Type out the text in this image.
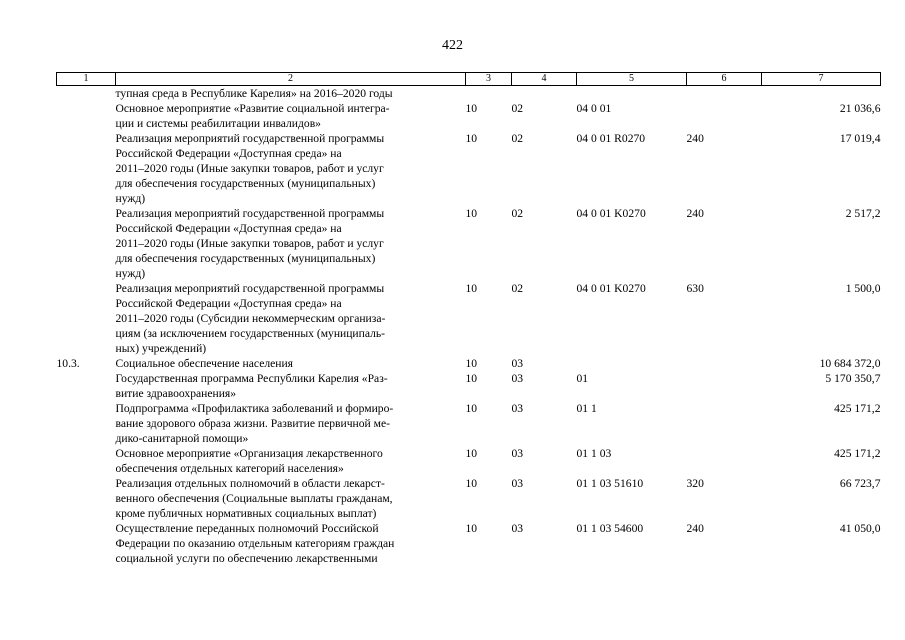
422
1	2	3	4	5	6	7

	тупная среда в Республике Карелия» на 2016–2020 годы					

	Основное мероприятие «Развитие социальной интегра-
ции и системы реабилитации инвалидов»	10	02	04 0 01		21 036,6

	Реализация мероприятий государственной программы
Российской Федерации «Доступная среда» на
2011–2020 годы (Иные закупки товаров, работ и услуг
для обеспечения государственных (муниципальных)
нужд)	10	02	04 0 01 R0270	240	17 019,4

	Реализация мероприятий государственной программы
Российской Федерации «Доступная среда» на
2011–2020 годы (Иные закупки товаров, работ и услуг
для обеспечения государственных (муниципальных)
нужд)	10	02	04 0 01 K0270	240	2 517,2

	Реализация мероприятий государственной программы
Российской Федерации «Доступная среда» на
2011–2020 годы (Субсидии некоммерческим организа-
циям (за исключением государственных (муниципаль-
ных) учреждений)	10	02	04 0 01 K0270	630	1 500,0
10.3.	Социальное обеспечение населения	10	03			10 684 372,0

	Государственная программа Республики Карелия «Раз-
витие здравоохранения»	10	03	01		5 170 350,7

	Подпрограмма «Профилактика заболеваний и формиро-
вание здорового образа жизни. Развитие первичной ме-
дико-санитарной помощи»	10	03	01 1		425 171,2

	Основное мероприятие «Организация лекарственного
обеспечения отдельных категорий населения»	10	03	01 1 03		425 171,2

	Реализация отдельных полномочий в области лекарст-
венного обеспечения (Социальные выплаты гражданам,
кроме публичных нормативных социальных выплат)	10	03	01 1 03 51610	320	66 723,7

	Осуществление переданных полномочий Российской
Федерации по оказанию отдельным категориям граждан
социальной услуги по обеспечению лекарственными	10	03	01 1 03 54600	240	41 050,0
